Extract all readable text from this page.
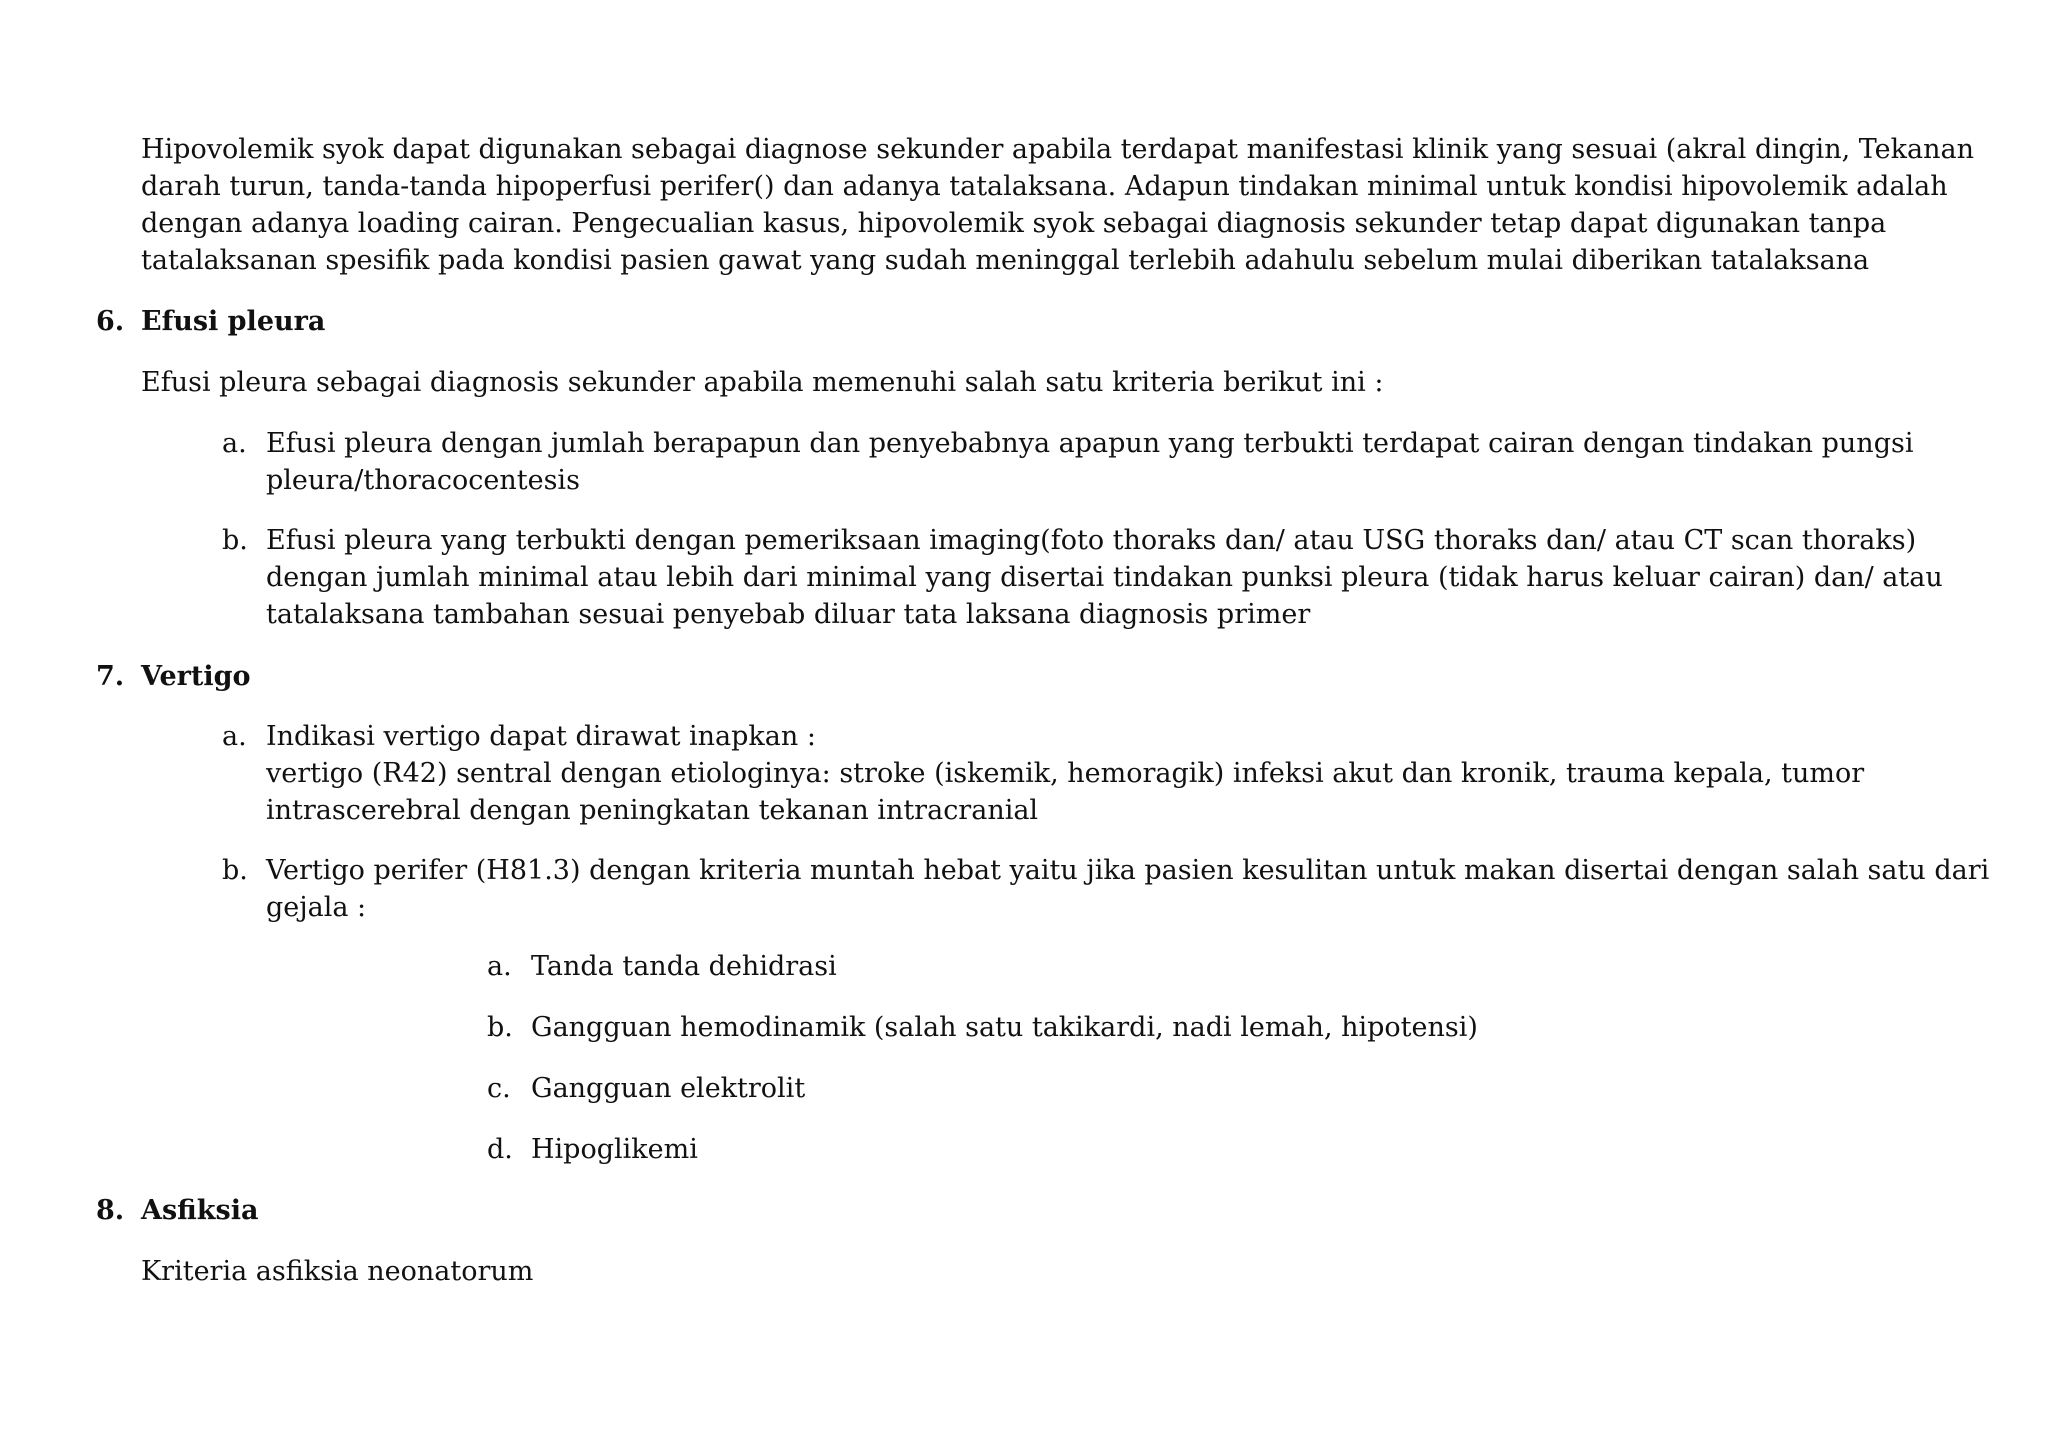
Hipovolemik syok dapat digunakan sebagai diagnose sekunder apabila terdapat manifestasi klinik yang sesuai (akral dingin, Tekanan
darah turun, tanda-tanda hipoperfusi perifer() dan adanya tatalaksana. Adapun tindakan minimal untuk kondisi hipovolemik adalah
dengan adanya loading cairan. Pengecualian kasus, hipovolemik syok sebagai diagnosis sekunder tetap dapat digunakan tanpa
tatalaksanan spesifik pada kondisi pasien gawat yang sudah meninggal terlebih adahulu sebelum mulai diberikan tatalaksana

6. Efusi pleura

Efusi pleura sebagai diagnosis sekunder apabila memenuhi salah satu kriteria berikut ini :

a. Efusi pleura dengan jumlah berapapun dan penyebabnya apapun yang terbukti terdapat cairan dengan tindakan pungsi
pleura/thoracocentesis
b. Efusi pleura yang terbukti dengan pemeriksaan imaging(foto thoraks dan/ atau USG thoraks dan/ atau CT scan thoraks)
dengan jumlah minimal atau lebih dari minimal yang disertai tindakan punksi pleura (tidak harus keluar cairan) dan/ atau
tatalaksana tambahan sesuai penyebab diluar tata laksana diagnosis primer

7. Vertigo

a. Indikasi vertigo dapat dirawat inapkan :
vertigo (R42) sentral dengan etiologinya: stroke (iskemik, hemoragik) infeksi akut dan kronik, trauma kepala, tumor
intrascerebral dengan peningkatan tekanan intracranial
b. Vertigo perifer (H81.3) dengan kriteria muntah hebat yaitu jika pasien kesulitan untuk makan disertai dengan salah satu dari
gejala :
a. Tanda tanda dehidrasi
b. Gangguan hemodinamik (salah satu takikardi, nadi lemah, hipotensi)
c. Gangguan elektrolit
d. Hipoglikemi

8. Asfiksia

Kriteria asfiksia neonatorum
